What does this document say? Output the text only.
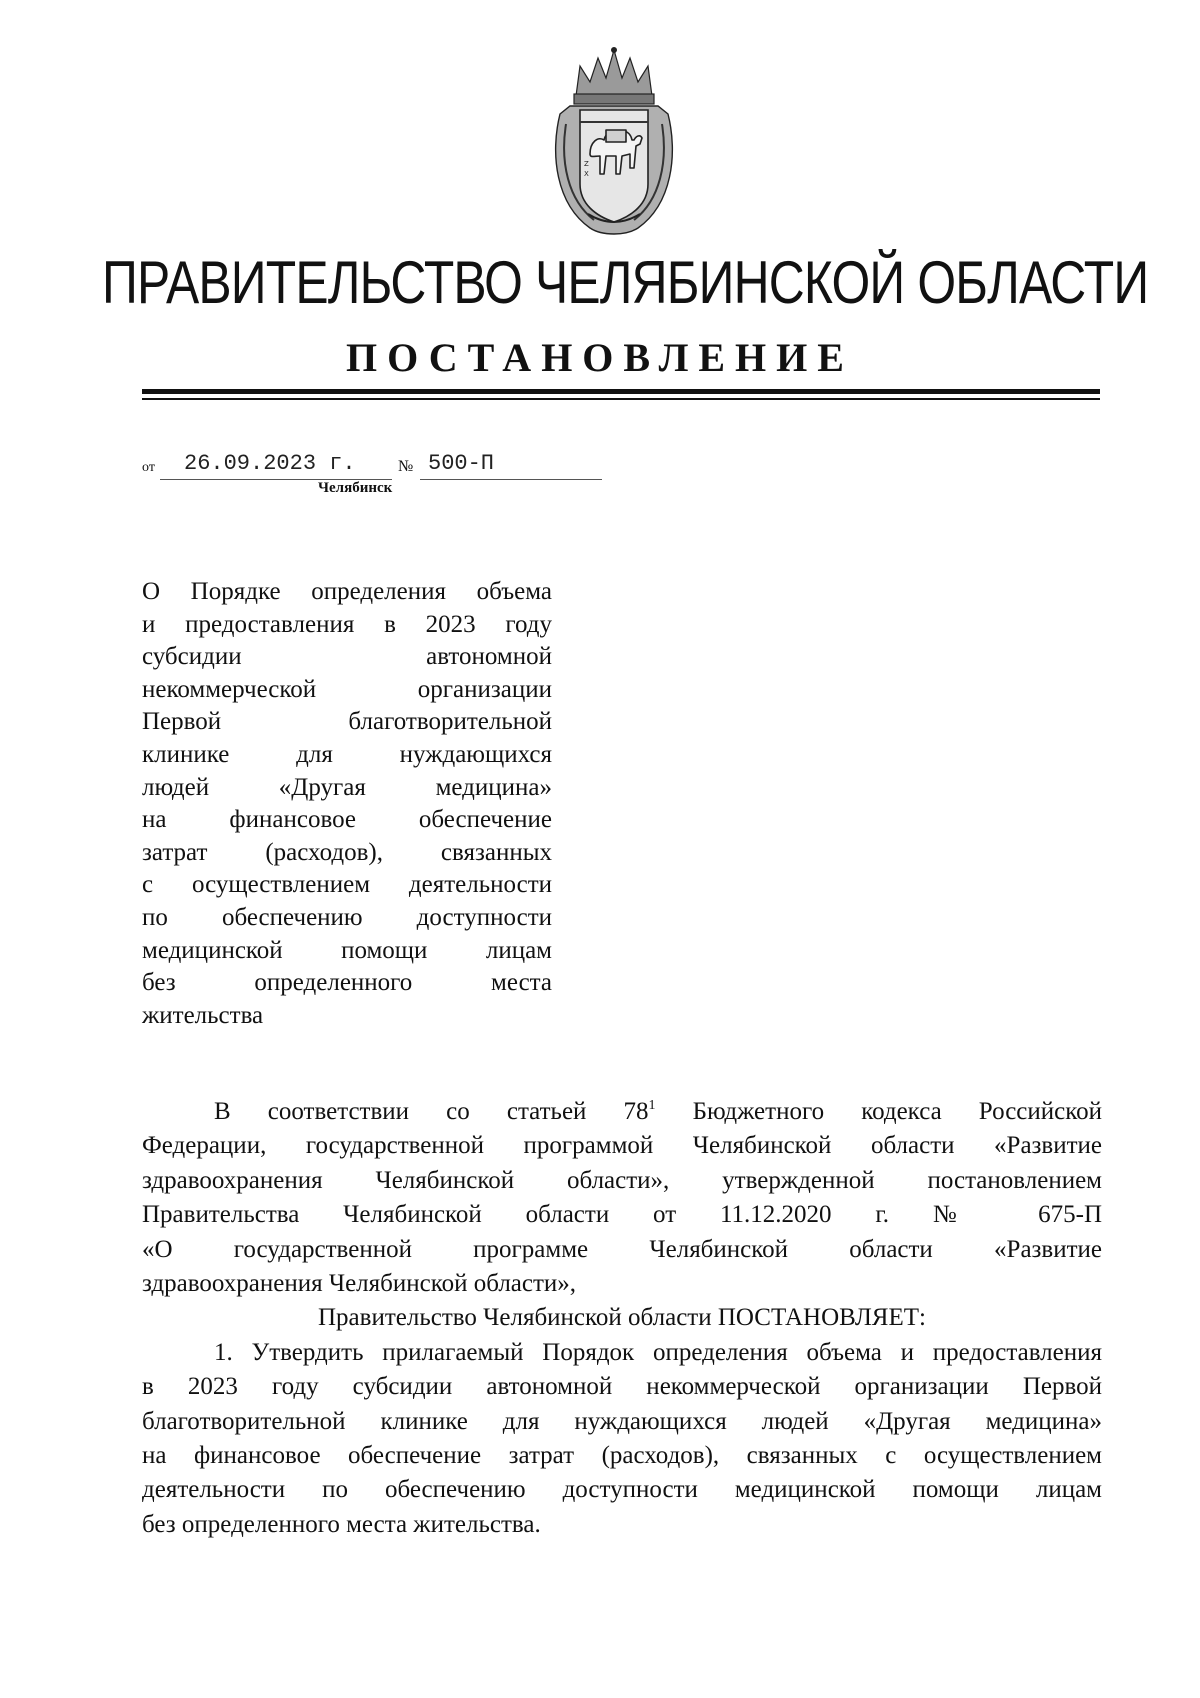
Z
X
ПРАВИТЕЛЬСТВО ЧЕЛЯБИНСКОЙ ОБЛАСТИ
ПОСТАНОВЛЕНИЕ
от 26.09.2023 г.	№ 500-П
Челябинск
О Порядке определения объема
и предоставления в 2023 году
субсидии автономной
некоммерческой организации
Первой благотворительной
клинике для нуждающихся
людей «Другая медицина»
на финансовое обеспечение
затрат (расходов), связанных
с осуществлением деятельности
по обеспечению доступности
медицинской помощи лицам
без определенного места
жительства
В соответствии со статьей 78$^1$ Бюджетного кодекса Российской
Федерации, государственной программой Челябинской области «Развитие
здравоохранения Челябинской области», утвержденной постановлением
Правительства Челябинской области от 11.12.2020 г. № 675-П
«О государственной программе Челябинской области «Развитие
здравоохранения Челябинской области»,
Правительство Челябинской области ПОСТАНОВЛЯЕТ:
1. Утвердить прилагаемый Порядок определения объема и предоставления
в 2023 году субсидии автономной некоммерческой организации Первой
благотворительной клинике для нуждающихся людей «Другая медицина»
на финансовое обеспечение затрат (расходов), связанных с осуществлением
деятельности по обеспечению доступности медицинской помощи лицам
без определенного места жительства.
